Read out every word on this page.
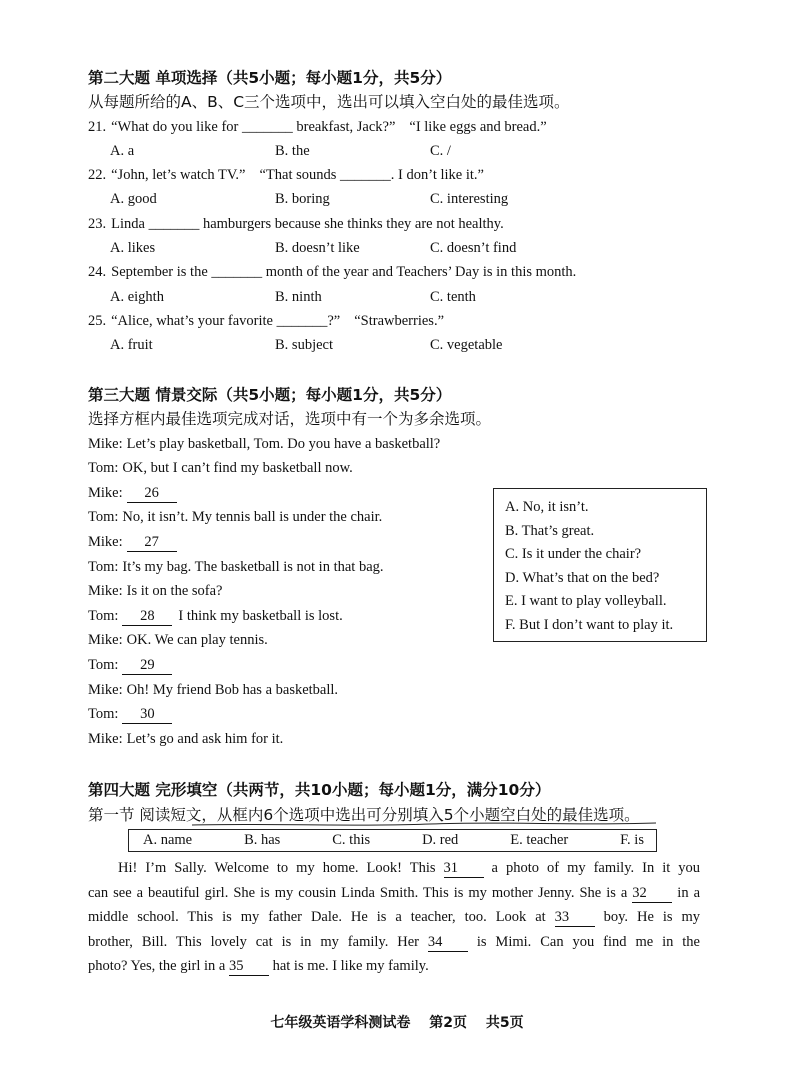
第二大题 单项选择（共5小题；每小题1分，共5分）
从每题所给的A、B、C三个选项中，选出可以填入空白处的最佳选项。
21. “What do you like for _______ breakfast, Jack?” “I like eggs and bread.”
A. a	B. the	C. /
22. “John, let’s watch TV.” “That sounds _______. I don’t like it.”
A. good	B. boring	C. interesting
23. Linda _______ hamburgers because she thinks they are not healthy.
A. likes	B. doesn’t like	C. doesn’t find
24. September is the _______ month of the year and Teachers’ Day is in this month.
A. eighth	B. ninth	C. tenth
25. “Alice, what’s your favorite _______?” “Strawberries.”
A. fruit	B. subject	C. vegetable
第三大题 情景交际（共5小题；每小题1分，共5分）
选择方框内最佳选项完成对话，选项中有一个为多余选项。
Mike: Let’s play basketball, Tom. Do you have a basketball?
Tom: OK, but I can’t find my basketball now.
Mike: 26
Tom: No, it isn’t. My tennis ball is under the chair.
Mike: 27
Tom: It’s my bag. The basketball is not in that bag.
Mike: Is it on the sofa?
Tom: 28 I think my basketball is lost.
Mike: OK. We can play tennis.
Tom: 29
Mike: Oh! My friend Bob has a basketball.
Tom: 30
Mike: Let’s go and ask him for it.
A. No, it isn’t.
B. That’s great.
C. Is it under the chair?
D. What’s that on the bed?
E. I want to play volleyball.
F. But I don’t want to play it.
第四大题 完形填空（共两节，共10小题；每小题1分，满分10分）
第一节 阅读短文，从框内6个选项中选出可分别填入5个小题空白处的最佳选项。
A. name	B. has	C. this	D. red	E. teacher	F. is
Hi! I’m Sally. Welcome to my home. Look! This 31 a photo of my family. In it you
can see a beautiful girl. She is my cousin Linda Smith. This is my mother Jenny. She is a 32 in a
middle school. This is my father Dale. He is a teacher, too. Look at 33 boy. He is my
brother, Bill. This lovely cat is in my family. Her 34 is Mimi. Can you find me in the
photo? Yes, the girl in a 35 hat is me. I like my family.
七年级英语学科测试卷 第2页 共5页
